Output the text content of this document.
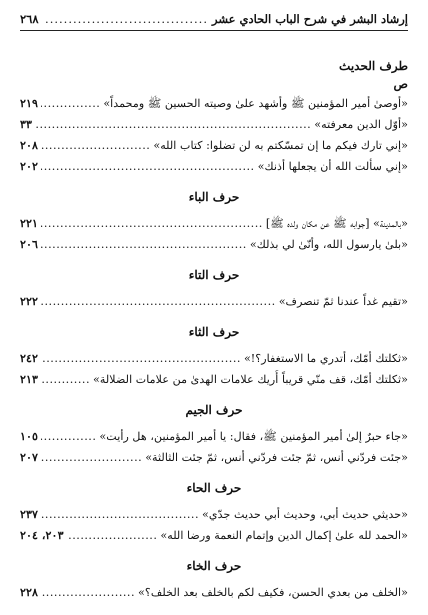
إرشاد البشر في شرح الباب الحادي عشر
.....
٢٦٨
طرف الحديث
ص
«أوصىٰ أمير المؤمنين ﷺ وأشهد علىٰ وصيته الحسين ﷺ ومحمداً»
.....
٢١٩
«أوّل الدين معرفته»
.....
٣٣
«إني تارك فيكم ما إن تمسّكتم به لن تضلوا: كتاب الله»
.....
٢٠٨
«إني سألت الله أن يجعلها أذنك»
.....
٢٠٢
حرف الباء
«بالمدينة» [جوابه ﷺ عن مكان ولده ﷺ]
.....
٢٢١
«بلىٰ يارسول الله، وأنّىٰ لي بذلك»
.....
٢٠٦
حرف التاء
«تقيم غداً عندنا ثمّ تنصرف»
.....
٢٢٢
حرف الثاء
«ثكلتك أمّك، أتدري ما الاستغفار؟!»
.....
٢٤٢
«ثكلتك أمّك، قف منّي قريباً أُريك علامات الهدىٰ من علامات الضلالة»
.....
٢١٣
حرف الجيم
«جاء حبرٌ إلىٰ أمير المؤمنين ﷺ، فقال: يا أمير المؤمنين، هل رأيت»
.....
١٠٥
«جئت فردّني أنس، ثمّ جئت فردّني أنس، ثمّ جئت الثالثة»
.....
٢٠٧
حرف الحاء
«حديثي حديث أبي، وحديث أبي حديث جدّي»
.....
٢٣٧
«الحمد لله علىٰ إكمال الدين وإتمام النعمة ورضا الله»
.....
٢٠٣، ٢٠٤
حرف الخاء
«الخلف من بعدي الحسن، فكيف لكم بالخلف بعد الخلف؟»
.....
٢٢٨
